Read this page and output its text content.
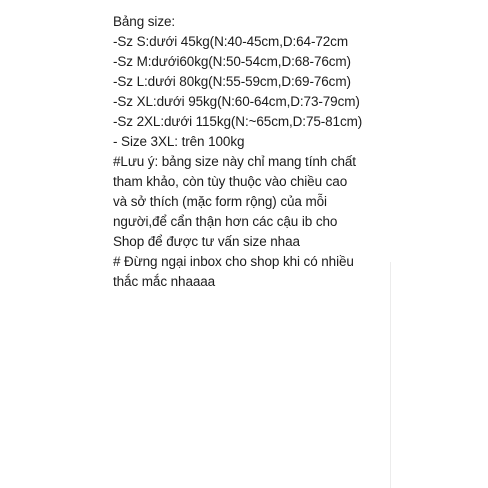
Bảng size:
-Sz S:dưới 45kg(N:40-45cm,D:64-72cm
-Sz M:dưới60kg(N:50-54cm,D:68-76cm)
-Sz L:dưới 80kg(N:55-59cm,D:69-76cm)
-Sz XL:dưới 95kg(N:60-64cm,D:73-79cm)
-Sz 2XL:dưới 115kg(N:~65cm,D:75-81cm)
- Size 3XL: trên 100kg
#Lưu ý: bảng size này chỉ mang tính chất
tham khảo, còn tùy thuộc vào chiều cao
và sở thích (mặc form rộng) của mỗi
người,để cẩn thận hơn các cậu ib cho
Shop để được tư vấn size nhaa
# Đừng ngại inbox cho shop khi có nhiều
thắc mắc nhaaaa
